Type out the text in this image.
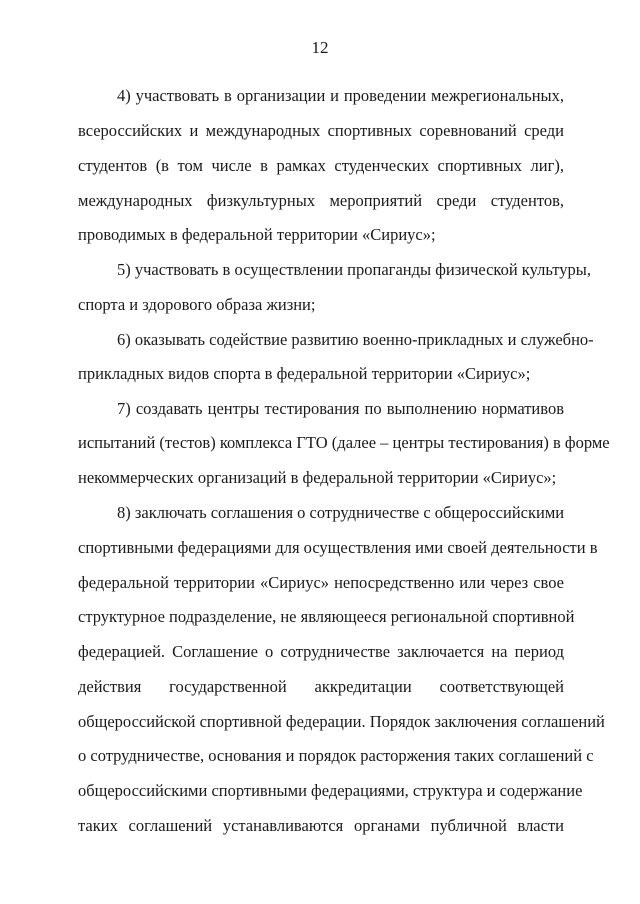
12
4) участвовать в организации и проведении межрегиональных,
всероссийских и международных спортивных соревнований среди
студентов (в том числе в рамках студенческих спортивных лиг),
международных физкультурных мероприятий среди студентов,
проводимых в федеральной территории «Сириус»;
5) участвовать в осуществлении пропаганды физической культуры,
спорта и здорового образа жизни;
6) оказывать содействие развитию военно-прикладных и служебно-
прикладных видов спорта в федеральной территории «Сириус»;
7) создавать центры тестирования по выполнению нормативов
испытаний (тестов) комплекса ГТО (далее – центры тестирования) в форме
некоммерческих организаций в федеральной территории «Сириус»;
8) заключать соглашения о сотрудничестве с общероссийскими
спортивными федерациями для осуществления ими своей деятельности в
федеральной территории «Сириус» непосредственно или через свое
структурное подразделение, не являющееся региональной спортивной
федерацией. Соглашение о сотрудничестве заключается на период
действия государственной аккредитации соответствующей
общероссийской спортивной федерации. Порядок заключения соглашений
о сотрудничестве, основания и порядок расторжения таких соглашений с
общероссийскими спортивными федерациями, структура и содержание
таких соглашений устанавливаются органами публичной власти
